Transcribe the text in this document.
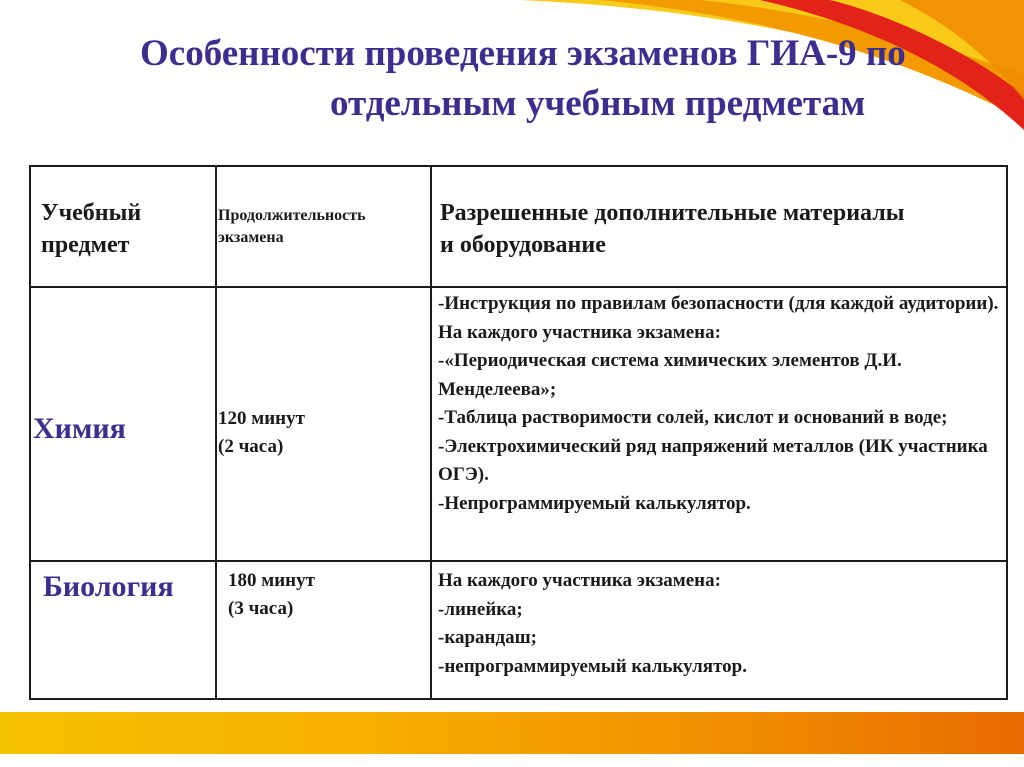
Особенности проведения экзаменов ГИА-9 по
отдельным учебным предметам
Учебный
предмет
Продолжительность
экзамена
Разрешенные дополнительные материалы
и оборудование
Химия	120 минут
(2 часа)
-Инструкция по правилам безопасности (для каждой аудитории).
На каждого участника экзамена:
-«Периодическая система химических элементов Д.И. Менделеева»;
-Таблица растворимости солей, кислот и оснований в воде;
-Электрохимический ряд напряжений металлов (ИК участника ОГЭ).
-Непрограммируемый калькулятор.
Биология	180 минут
(3 часа)
На каждого участника экзамена:
-линейка;
-карандаш;
-непрограммируемый калькулятор.
